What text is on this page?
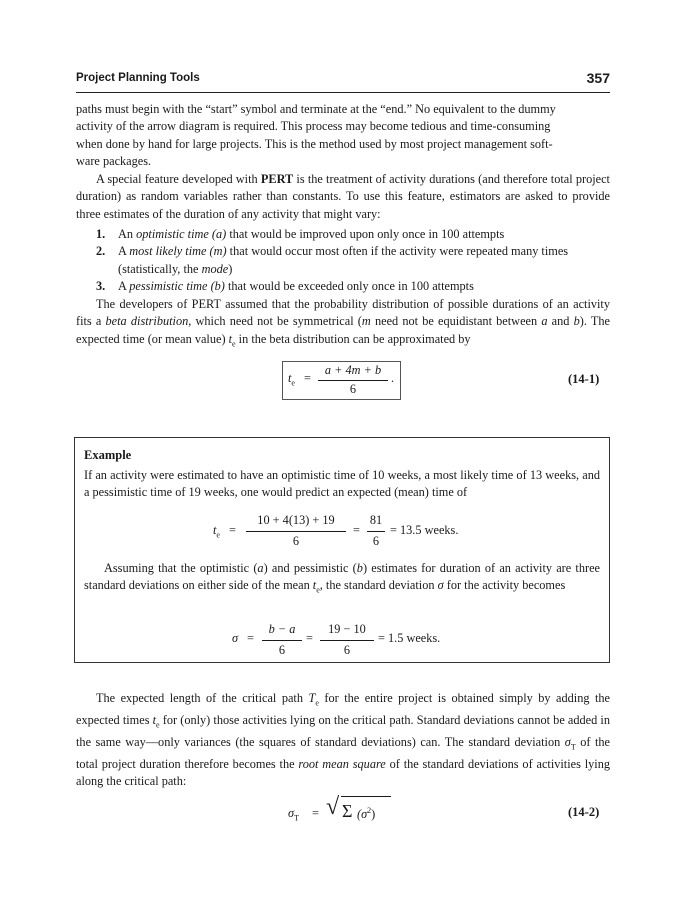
Project Planning Tools	357
paths must begin with the “start” symbol and terminate at the “end.” No equivalent to the dummy
activity of the arrow diagram is required. This process may become tedious and time-consuming
when done by hand for large projects. This is the method used by most project management soft-
ware packages.

A special feature developed with PERT is the treatment of activity durations (and therefore total project duration) as random variables rather than constants. To use this feature, estimators are asked to provide three estimates of the duration of any activity that might vary:

1. An optimistic time (a) that would be improved upon only once in 100 attempts
2. A most likely time (m) that would occur most often if the activity were repeated many times (statistically, the mode)
3. A pessimistic time (b) that would be exceeded only once in 100 attempts

The developers of PERT assumed that the probability distribution of possible durations of an activity fits a beta distribution, which need not be symmetrical (m need not be equidistant between a and b). The expected time (or mean value) $t_e$ in the beta distribution can be approximated by

$t_e$ =
a + 4m + b
6
.	(14-1)
Example

If an activity were estimated to have an optimistic time of 10 weeks, a most likely time of 13 weeks, and a pessimistic time of 19 weeks, one would predict an expected (mean) time of

$t_e$ =
10 + 4(13) + 19
6
=
81
6
= 13.5 weeks.

Assuming that the optimistic (a) and pessimistic (b) estimates for duration of an activity are three standard deviations on either side of the mean $t_e$, the standard deviation σ for the activity becomes

σ =
b − a
6
=
19 − 10
6
= 1.5 weeks.

The expected length of the critical path $T_e$ for the entire project is obtained simply by adding the expected times $t_e$ for (only) those activities lying on the critical path. Standard deviations cannot be added in the same way—only variances (the squares of standard deviations) can. The standard deviation $\sigma_T$ of the total project duration therefore becomes the root mean square of the standard deviations of activities lying along the critical path:

$\sigma_T$ = √ Σ $(\sigma^2)$	(14-2)
